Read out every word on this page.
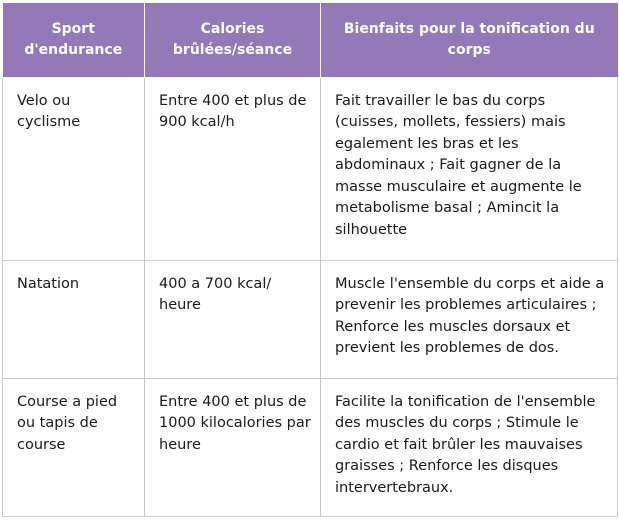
Sport d'endurance	Calories brûlées/séance	Bienfaits pour la tonification du corps
Velo ou cyclisme	Entre 400 et plus de 900 kcal/h	Fait travailler le bas du corps (cuisses, mollets, fessiers) mais egalement les bras et les abdominaux ; Fait gagner de la masse musculaire et augmente le metabolisme basal ; Amincit la silhouette
Natation	400 a 700 kcal/ heure	Muscle l'ensemble du corps et aide a prevenir les problemes articulaires ; Renforce les muscles dorsaux et previent les problemes de dos.
Course a pied ou tapis de course	Entre 400 et plus de 1000 kilocalories par heure	Facilite la tonification de l'ensemble des muscles du corps ; Stimule le cardio et fait brûler les mauvaises graisses ; Renforce les disques intervertebraux.
